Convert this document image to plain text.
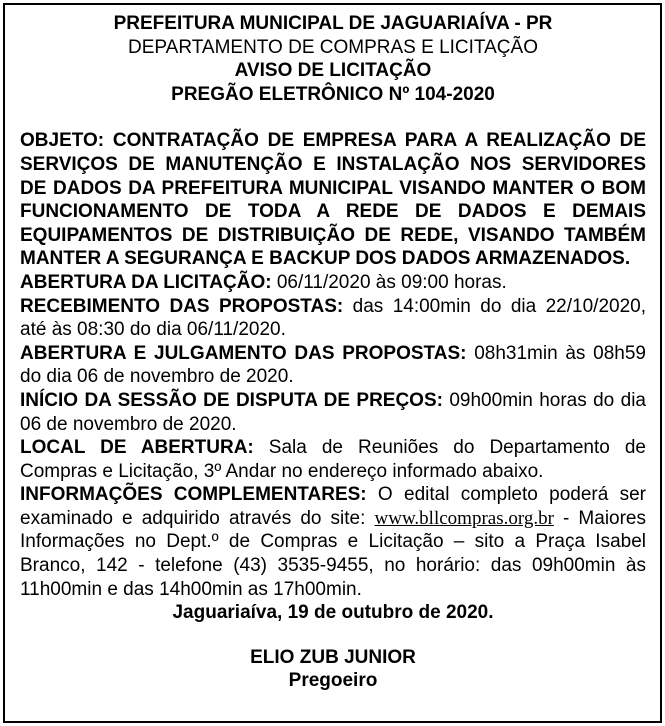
PREFEITURA MUNICIPAL DE JAGUARIAÍVA - PR
DEPARTAMENTO DE COMPRAS E LICITAÇÃO
AVISO DE LICITAÇÃO
PREGÃO ELETRÔNICO Nº 104-2020

OBJETO: CONTRATAÇÃO DE EMPRESA PARA A REALIZAÇÃO DE SERVIÇOS DE MANUTENÇÃO E INSTALAÇÃO NOS SERVIDORES DE DADOS DA PREFEITURA MUNICIPAL VISANDO MANTER O BOM FUNCIONAMENTO DE TODA A REDE DE DADOS E DEMAIS EQUIPAMENTOS DE DISTRIBUIÇÃO DE REDE, VISANDO TAMBÉM MANTER A SEGURANÇA E BACKUP DOS DADOS ARMAZENADOS.

ABERTURA DA LICITAÇÃO: 06/11/2020 às 09:00 horas.

RECEBIMENTO DAS PROPOSTAS: das 14:00min do dia 22/10/2020, até às 08:30 do dia 06/11/2020.

ABERTURA E JULGAMENTO DAS PROPOSTAS: 08h31min às 08h59 do dia 06 de novembro de 2020.

INÍCIO DA SESSÃO DE DISPUTA DE PREÇOS: 09h00min horas do dia 06 de novembro de 2020.

LOCAL DE ABERTURA: Sala de Reuniões do Departamento de Compras e Licitação, 3º Andar no endereço informado abaixo.

INFORMAÇÕES COMPLEMENTARES: O edital completo poderá ser examinado e adquirido através do site: www.bllcompras.org.br - Maiores Informações no Dept.º de Compras e Licitação – sito a Praça Isabel Branco, 142 - telefone (43) 3535-9455, no horário: das 09h00min às 11h00min e das 14h00min as 17h00min.

Jaguariaíva, 19 de outubro de 2020.

ELIO ZUB JUNIOR
Pregoeiro
